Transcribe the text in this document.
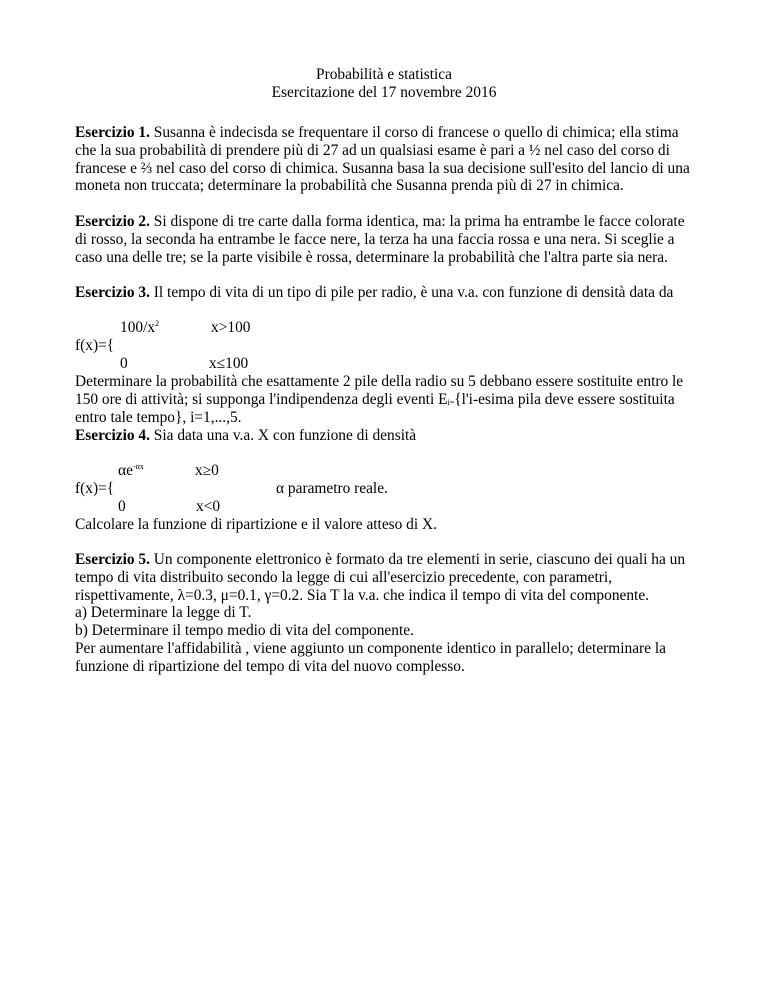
Probabilità e statistica
Esercitazione del 17 novembre 2016
Esercizio 1. Susanna è indecisda se frequentare il corso di francese o quello di chimica; ella stima
che la sua probabilità di prendere più di 27 ad un qualsiasi esame è pari a ½ nel caso del corso di
francese e ⅔ nel caso del corso di chimica. Susanna basa la sua decisione sull'esito del lancio di una
moneta non truccata; determinare la probabilità che Susanna prenda più di 27 in chimica.
Esercizio 2. Si dispone di tre carte dalla forma identica, ma: la prima ha entrambe le facce colorate
di rosso, la seconda ha entrambe le facce nere, la terza ha una faccia rossa e una nera. Si sceglie a
caso una delle tre; se la parte visibile è rossa, determinare la probabilità che l'altra parte sia nera.
Esercizio 3. Il tempo di vita di un tipo di pile per radio, è una v.a. con funzione di densità data da
$100/x^2$	x>100
f(x)={
0	x≤100
Determinare la probabilità che esattamente 2 pile della radio su 5 debbano essere sostituite entro le
150 ore di attività; si supponga l'indipendenza degli eventi $E_{i=}\{l'i$-esima pila deve essere sostituita
entro tale tempo}, i=1,...,5.
Esercizio 4. Sia data una v.a. X con funzione di densità
$\alpha e^{-\alpha x}$	x≥0
f(x)={	α parametro reale.
0	x<0
Calcolare la funzione di ripartizione e il valore atteso di X.
Esercizio 5. Un componente elettronico è formato da tre elementi in serie, ciascuno dei quali ha un
tempo di vita distribuito secondo la legge di cui all'esercizio precedente, con parametri,
rispettivamente, λ=0.3, μ=0.1, γ=0.2. Sia T la v.a. che indica il tempo di vita del componente.
a) Determinare la legge di T.
b) Determinare il tempo medio di vita del componente.
Per aumentare l'affidabilità , viene aggiunto un componente identico in parallelo; determinare la
funzione di ripartizione del tempo di vita del nuovo complesso.
